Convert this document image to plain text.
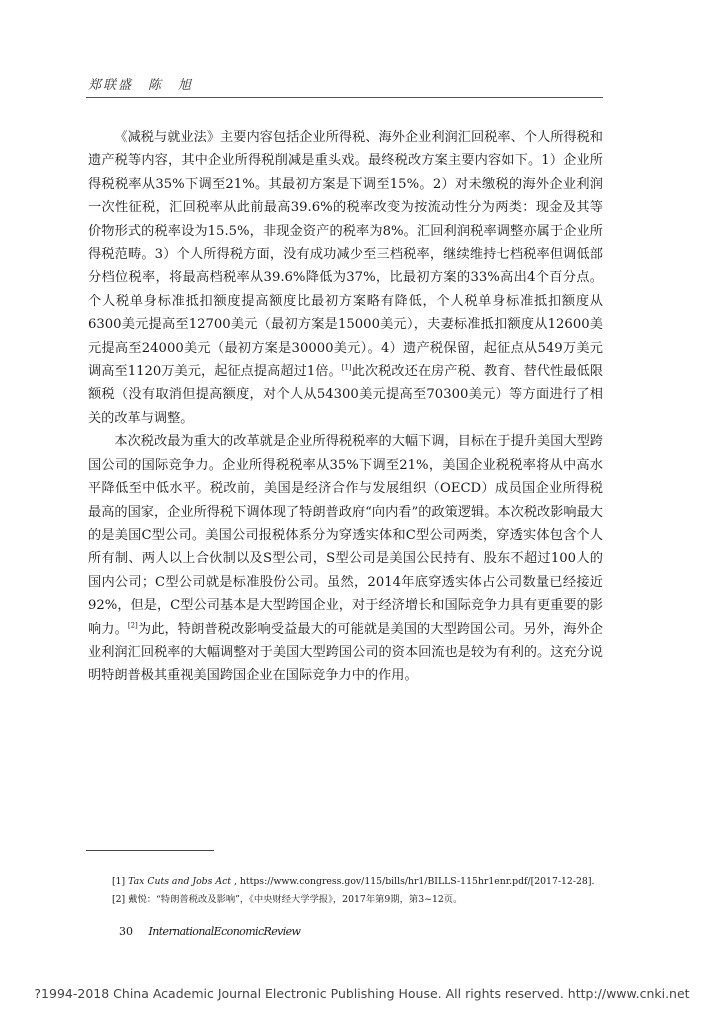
郑联盛　陈　旭

《减税与就业法》主要内容包括企业所得税、海外企业利润汇回税率、个人所得税和遗产税等内容，其中企业所得税削减是重头戏。最终税改方案主要内容如下。1）企业所得税税率从35%下调至21%。其最初方案是下调至15%。2）对未缴税的海外企业利润一次性征税，汇回税率从此前最高39.6%的税率改变为按流动性分为两类：现金及其等价物形式的税率设为15.5%，非现金资产的税率为8%。汇回利润税率调整亦属于企业所得税范畴。3）个人所得税方面，没有成功减少至三档税率，继续维持七档税率但调低部分档位税率，将最高档税率从39.6%降低为37%，比最初方案的33%高出4个百分点。个人税单身标准抵扣额度提高额度比最初方案略有降低，个人税单身标准抵扣额度从6300美元提高至12700美元（最初方案是15000美元），夫妻标准抵扣额度从12600美元提高至24000美元（最初方案是30000美元）。4）遗产税保留，起征点从549万美元调高至1120万美元，起征点提高超过1倍。[1]此次税改还在房产税、教育、替代性最低限额税（没有取消但提高额度，对个人从54300美元提高至70300美元）等方面进行了相关的改革与调整。

本次税改最为重大的改革就是企业所得税税率的大幅下调，目标在于提升美国大型跨国公司的国际竞争力。企业所得税税率从35%下调至21%，美国企业税税率将从中高水平降低至中低水平。税改前，美国是经济合作与发展组织（OECD）成员国企业所得税最高的国家，企业所得税下调体现了特朗普政府“向内看”的政策逻辑。本次税改影响最大的是美国C型公司。美国公司报税体系分为穿透实体和C型公司两类，穿透实体包含个人所有制、两人以上合伙制以及S型公司，S型公司是美国公民持有、股东不超过100人的国内公司；C型公司就是标准股份公司。虽然，2014年底穿透实体占公司数量已经接近92%，但是，C型公司基本是大型跨国企业，对于经济增长和国际竞争力具有更重要的影响力。[2]为此，特朗普税改影响受益最大的可能就是美国的大型跨国公司。另外，海外企业利润汇回税率的大幅调整对于美国大型跨国公司的资本回流也是较为有利的。这充分说明特朗普极其重视美国跨国企业在国际竞争力中的作用。

[1] Tax Cuts and Jobs Act , https://www.congress.gov/115/bills/hr1/BILLS-115hr1enr.pdf/[2017-12-28].
[2] 戴悦：“特朗普税改及影响”，《中央财经大学学报》，2017年第9期，第3~12页。
30 InternationalEconomicReview
?1994-2018 China Academic Journal Electronic Publishing House. All rights reserved. http://www.cnki.net
